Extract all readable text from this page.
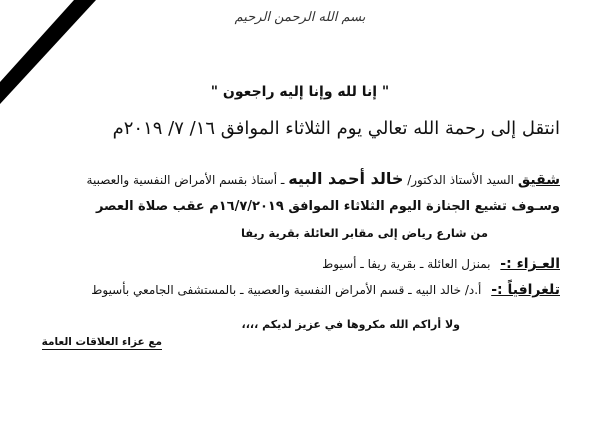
بسم الله الرحمن الرحيم
" إنا لله وإنا إليه راجعون "
انتقل إلى رحمة الله تعالي يوم الثلاثاء الموافق ١٦/ ٧/ ٢٠١٩م
شقيق السيد الأستاذ الدكتور/ خالد أحمد البيه ـ أستاذ بقسم الأمراض النفسية والعصبية
وسـوف تشيع الجنازة اليوم الثلاثاء الموافق ١٦/٧/٢٠١٩م عقب صلاة العصر
من شارع رياض إلى مقابر العائلة بقرية ريفا
العـزاء :- بمنزل العائلة ـ بقرية ريفا ـ أسيوط
تلغرافياً :- أ.د/ خالد البيه ـ قسم الأمراض النفسية والعصبية ـ بالمستشفى الجامعي بأسيوط
ولا أراكم الله مكروها في عزيز لديكم ،،،،
مع عزاء العلاقات العامة
